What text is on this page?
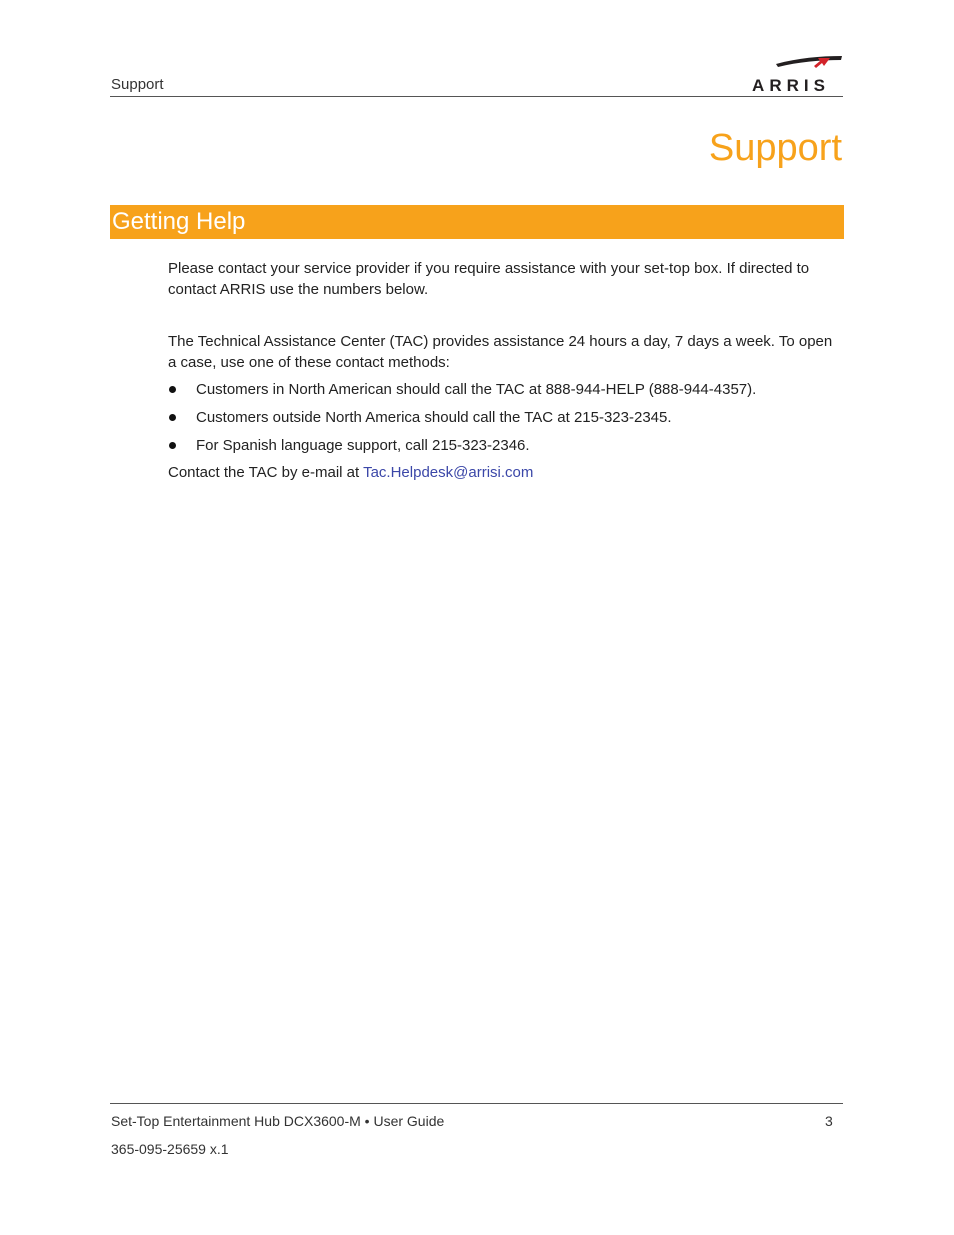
Support	ARRIS
Support
Getting Help

Please contact your service provider if you require assistance with your set-top box. If directed to contact ARRIS use the numbers below.

The Technical Assistance Center (TAC) provides assistance 24 hours a day, 7 days a week. To open a case, use one of these contact methods:

Customers in North American should call the TAC at 888-944-HELP (888-944-4357).
Customers outside North America should call the TAC at 215-323-2345.
For Spanish language support, call 215-323-2346.

Contact the TAC by e-mail at Tac.Helpdesk@arrisi.com

Set-Top Entertainment Hub DCX3600-M • User Guide
365-095-25659 x.1
3
